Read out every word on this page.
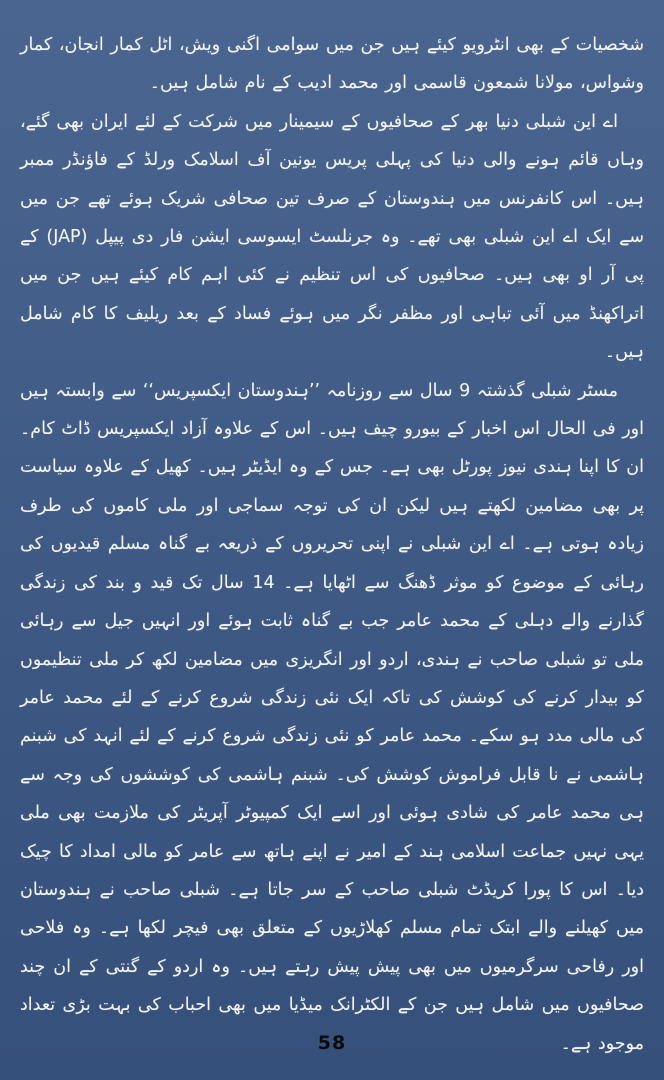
شخصیات کے بھی انٹرویو کیئے ہیں جن میں سوامی اگنی ویش، اٹل کمار انجان، کمار وشواس، مولانا شمعون قاسمی اور محمد ادیب کے نام شامل ہیں۔

اے این شبلی دنیا بھر کے صحافیوں کے سیمینار میں شرکت کے لئے ایران بھی گئے، وہاں قائم ہونے والی دنیا کی پہلی پریس یونین آف اسلامک ورلڈ کے فاؤنڈر ممبر ہیں۔ اس کانفرنس میں ہندوستان کے صرف تین صحافی شریک ہوئے تھے جن میں سے ایک اے این شبلی بھی تھے۔ وہ جرنلسٹ ایسوسی ایشن فار دی پیپل (JAP) کے پی آر او بھی ہیں۔ صحافیوں کی اس تنظیم نے کئی اہم کام کیئے ہیں جن میں اتراکھنڈ میں آئی تباہی اور مظفر نگر میں ہوئے فساد کے بعد ریلیف کا کام شامل ہیں۔

مسٹر شبلی گذشتہ 9 سال سے روزنامہ ’’ہندوستان ایکسپریس‘‘ سے وابستہ ہیں اور فی الحال اس اخبار کے بیورو چیف ہیں۔ اس کے علاوہ آزاد ایکسپریس ڈاٹ کام۔ ان کا اپنا ہندی نیوز پورٹل بھی ہے۔ جس کے وہ ایڈیٹر ہیں۔ کھیل کے علاوہ سیاست پر بھی مضامین لکھتے ہیں لیکن ان کی توجہ سماجی اور ملی کاموں کی طرف زیادہ ہوتی ہے۔ اے این شبلی نے اپنی تحریروں کے ذریعہ بے گناہ مسلم قیدیوں کی رہائی کے موضوع کو موثر ڈھنگ سے اٹھایا ہے۔ 14 سال تک قید و بند کی زندگی گذارنے والے دہلی کے محمد عامر جب بے گناہ ثابت ہوئے اور انہیں جیل سے رہائی ملی تو شبلی صاحب نے ہندی، اردو اور انگریزی میں مضامین لکھ کر ملی تنظیموں کو بیدار کرنے کی کوشش کی تاکہ ایک نئی زندگی شروع کرنے کے لئے محمد عامر کی مالی مدد ہو سکے۔ محمد عامر کو نئی زندگی شروع کرنے کے لئے انہد کی شبنم ہاشمی نے نا قابل فراموش کوشش کی۔ شبنم ہاشمی کی کوششوں کی وجہ سے ہی محمد عامر کی شادی ہوئی اور اسے ایک کمپیوٹر آپریٹر کی ملازمت بھی ملی یہی نہیں جماعت اسلامی ہند کے امیر نے اپنے ہاتھ سے عامر کو مالی امداد کا چیک دیا۔ اس کا پورا کریڈٹ شبلی صاحب کے سر جاتا ہے۔ شبلی صاحب نے ہندوستان میں کھیلنے والے ابتک تمام مسلم کھلاڑیوں کے متعلق بھی فیچر لکھا ہے۔ وہ فلاحی اور رفاحی سرگرمیوں میں بھی پیش پیش رہتے ہیں۔ وہ اردو کے گنتی کے ان چند صحافیوں میں شامل ہیں جن کے الکٹرانک میڈیا میں بھی احباب کی بہت بڑی تعداد موجود ہے۔

58
